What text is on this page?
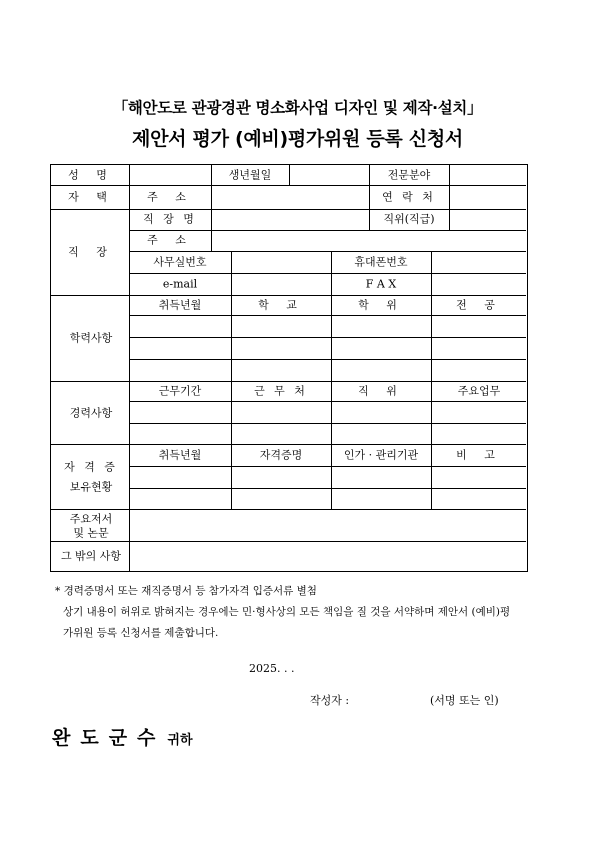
「해안도로 관광경관 명소화사업 디자인 및 제작·설치」
제안서 평가 (예비)평가위원 등록 신청서
성 명	생년월일	전문분야
자 택	주 소	연 락 처
직 장
직 장 명	직위(직급)
주 소
사무실번호	휴대폰번호
e-mail	F A X
학력사항
취득년월	학 교	학 위	전 공
경력사항
근무기간	근 무 처	직 위	주요업무
자 격 증
보유현황
취득년월	자격증명	인가 · 관리기관	비 고
주요저서
및 논문
그 밖의 사항
* 경력증명서 또는 재직증명서 등 참가자격 입증서류 별첨
상기 내용이 허위로 밝혀지는 경우에는 민·형사상의 모든 책임을 질 것을 서약하며 제안서 (예비)평
가위원 등록 신청서를 제출합니다.
2025. . .
작성자 :	(서명 또는 인)
완도군수 귀하
